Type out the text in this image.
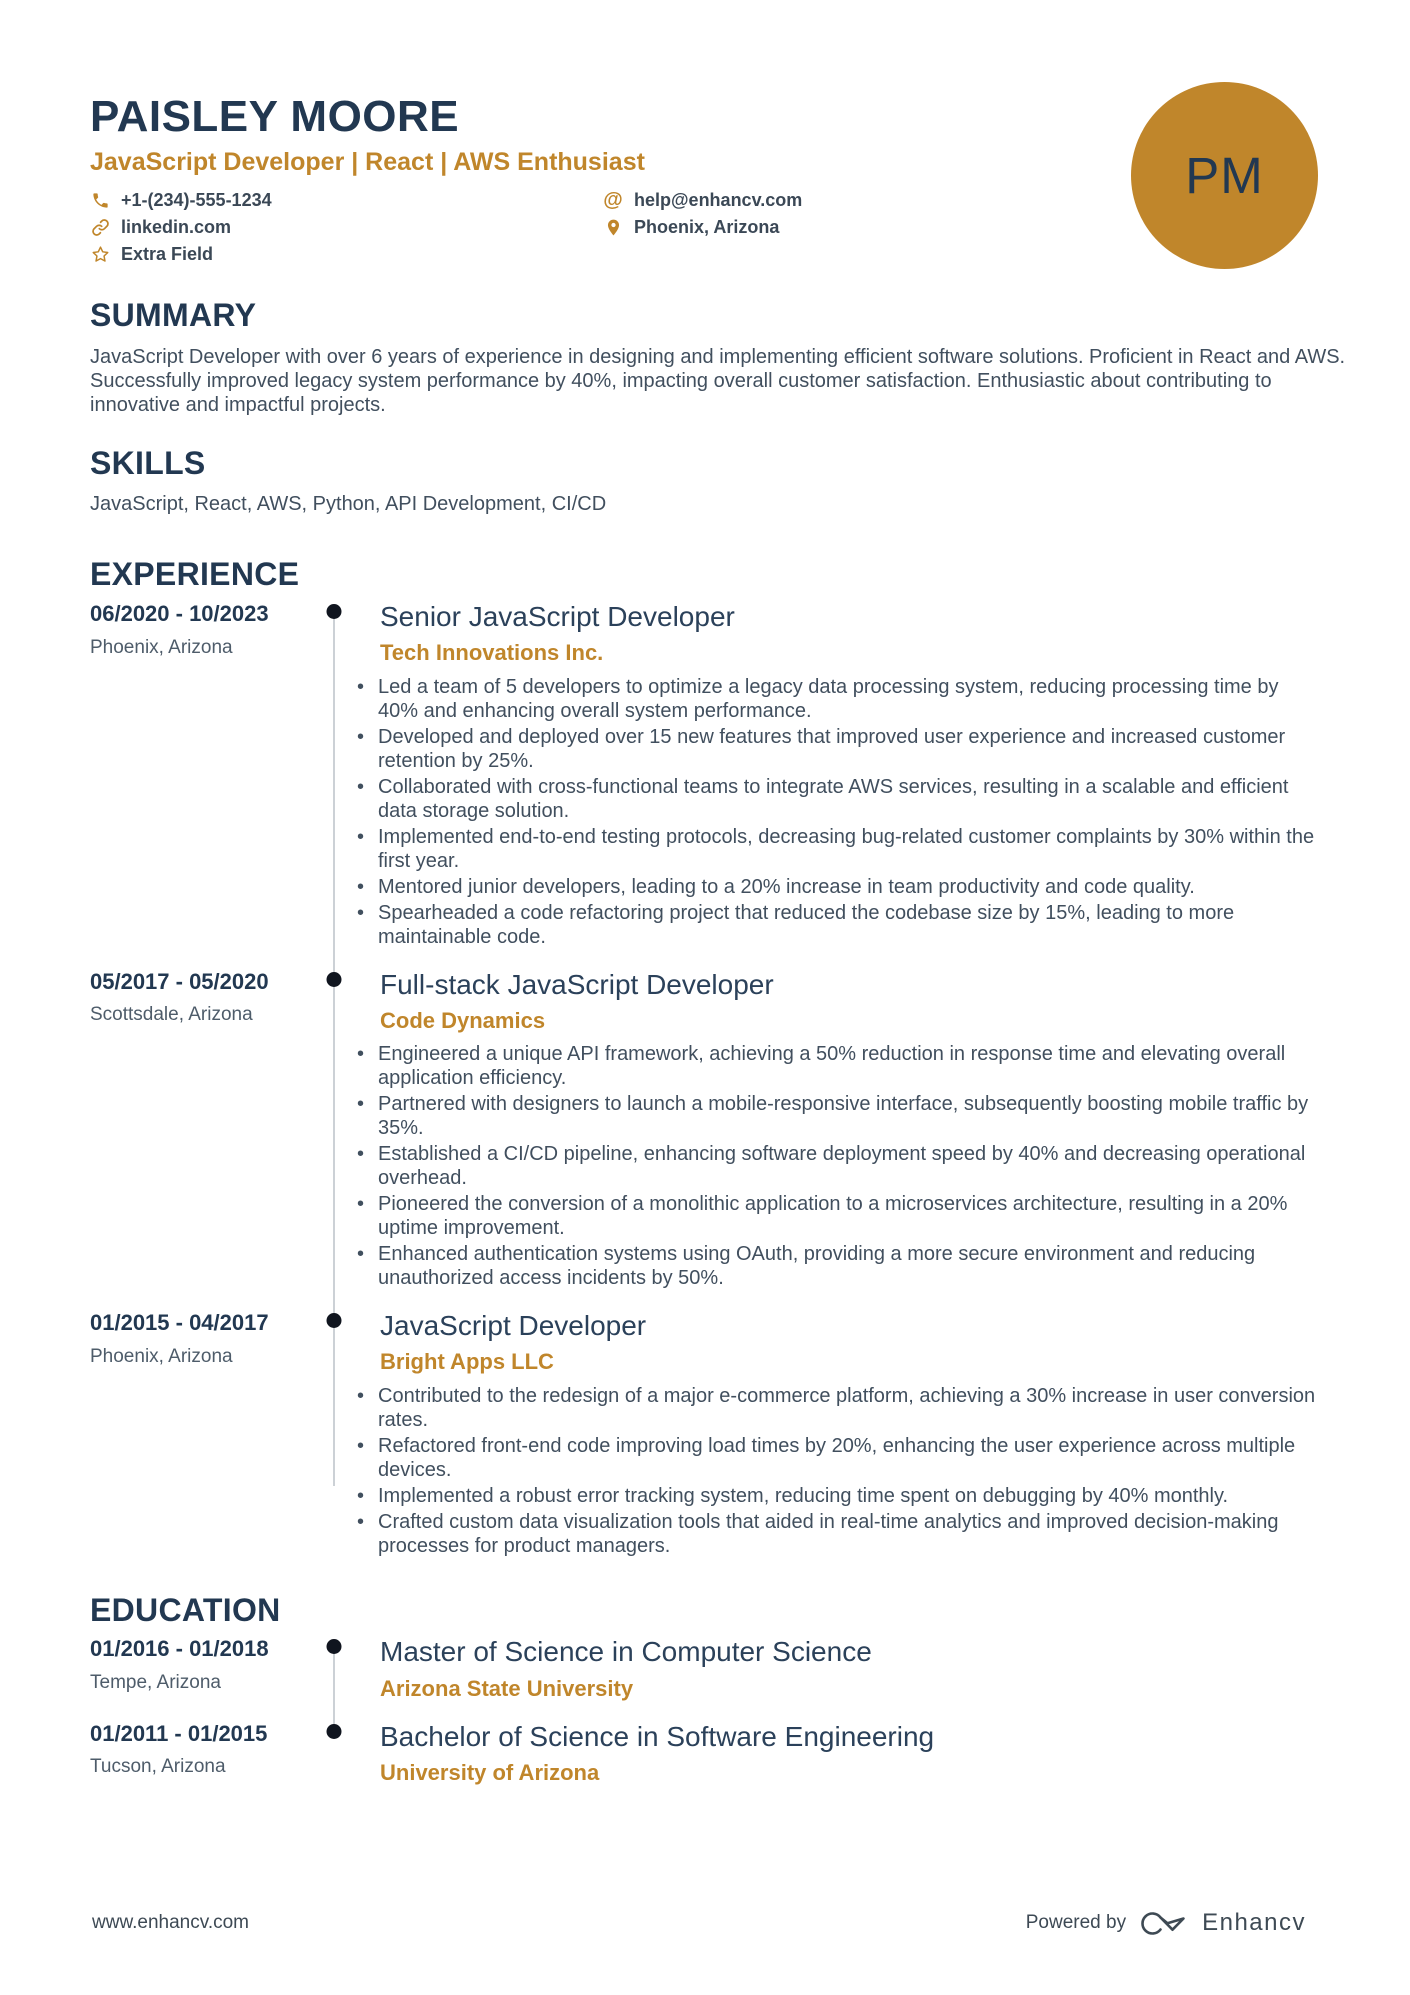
PAISLEY MOORE
JavaScript Developer | React | AWS Enthusiast
+1-(234)-555-1234
linkedin.com
Extra Field
@ help@enhancv.com
Phoenix, Arizona
PM
SUMMARY

JavaScript Developer with over 6 years of experience in designing and implementing efficient software solutions. Proficient in React and AWS. Successfully improved legacy system performance by 40%, impacting overall customer satisfaction. Enthusiastic about contributing to innovative and impactful projects.

SKILLS

JavaScript, React, AWS, Python, API Development, CI/CD

EXPERIENCE
06/2020 - 10/2023
Phoenix, Arizona
Senior JavaScript Developer
Tech Innovations Inc.
• Led a team of 5 developers to optimize a legacy data processing system, reducing processing time by 40% and enhancing overall system performance.
• Developed and deployed over 15 new features that improved user experience and increased customer retention by 25%.
• Collaborated with cross-functional teams to integrate AWS services, resulting in a scalable and efficient data storage solution.
• Implemented end-to-end testing protocols, decreasing bug-related customer complaints by 30% within the first year.
• Mentored junior developers, leading to a 20% increase in team productivity and code quality.
• Spearheaded a code refactoring project that reduced the codebase size by 15%, leading to more maintainable code.
05/2017 - 05/2020
Scottsdale, Arizona
Full-stack JavaScript Developer
Code Dynamics
• Engineered a unique API framework, achieving a 50% reduction in response time and elevating overall application efficiency.
• Partnered with designers to launch a mobile-responsive interface, subsequently boosting mobile traffic by 35%.
• Established a CI/CD pipeline, enhancing software deployment speed by 40% and decreasing operational overhead.
• Pioneered the conversion of a monolithic application to a microservices architecture, resulting in a 20% uptime improvement.
• Enhanced authentication systems using OAuth, providing a more secure environment and reducing unauthorized access incidents by 50%.
01/2015 - 04/2017
Phoenix, Arizona
JavaScript Developer
Bright Apps LLC
• Contributed to the redesign of a major e-commerce platform, achieving a 30% increase in user conversion rates.
• Refactored front-end code improving load times by 20%, enhancing the user experience across multiple devices.
• Implemented a robust error tracking system, reducing time spent on debugging by 40% monthly.
• Crafted custom data visualization tools that aided in real-time analytics and improved decision-making processes for product managers.
EDUCATION
01/2016 - 01/2018
Tempe, Arizona
Master of Science in Computer Science
Arizona State University
01/2011 - 01/2015
Tucson, Arizona
Bachelor of Science in Software Engineering
University of Arizona
www.enhancv.com	Powered by	Enhancv
